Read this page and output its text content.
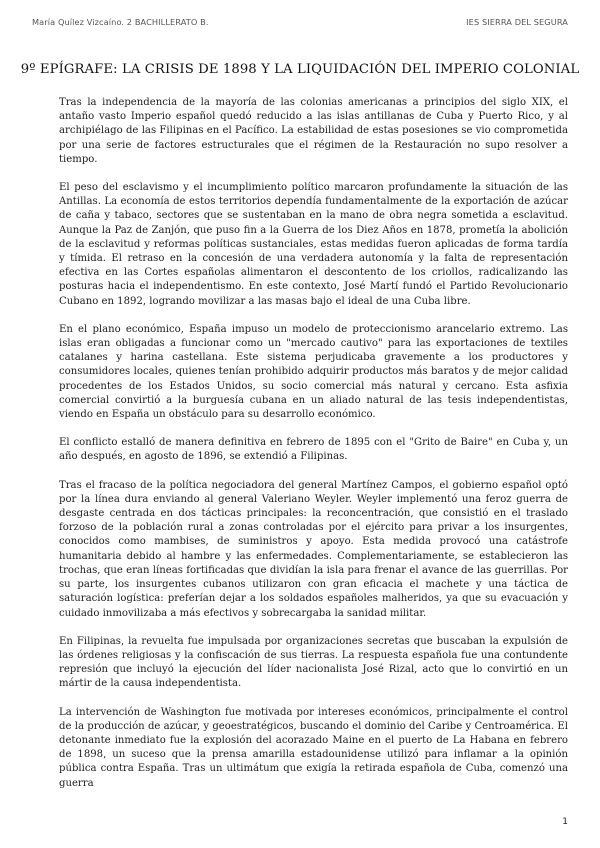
María Quílez Vizcaíno. 2 BACHILLERATO B.	IES SIERRA DEL SEGURA
9º EPÍGRAFE: LA CRISIS DE 1898 Y LA LIQUIDACIÓN DEL IMPERIO COLONIAL

Tras la independencia de la mayoría de las colonias americanas a principios del siglo XIX, el antaño vasto Imperio español quedó reducido a las islas antillanas de Cuba y Puerto Rico, y al archipiélago de las Filipinas en el Pacífico. La estabilidad de estas posesiones se vio comprometida por una serie de factores estructurales que el régimen de la Restauración no supo resolver a tiempo.

El peso del esclavismo y el incumplimiento político marcaron profundamente la situación de las Antillas. La economía de estos territorios dependía fundamentalmente de la exportación de azúcar de caña y tabaco, sectores que se sustentaban en la mano de obra negra sometida a esclavitud. Aunque la Paz de Zanjón, que puso fin a la Guerra de los Diez Años en 1878, prometía la abolición de la esclavitud y reformas políticas sustanciales, estas medidas fueron aplicadas de forma tardía y tímida. El retraso en la concesión de una verdadera autonomía y la falta de representación efectiva en las Cortes españolas alimentaron el descontento de los criollos, radicalizando las posturas hacia el independentismo. En este contexto, José Martí fundó el Partido Revolucionario Cubano en 1892, logrando movilizar a las masas bajo el ideal de una Cuba libre.

En el plano económico, España impuso un modelo de proteccionismo arancelario extremo. Las islas eran obligadas a funcionar como un "mercado cautivo" para las exportaciones de textiles catalanes y harina castellana. Este sistema perjudicaba gravemente a los productores y consumidores locales, quienes tenían prohibido adquirir productos más baratos y de mejor calidad procedentes de los Estados Unidos, su socio comercial más natural y cercano. Esta asfixia comercial convirtió a la burguesía cubana en un aliado natural de las tesis independentistas, viendo en España un obstáculo para su desarrollo económico.

El conflicto estalló de manera definitiva en febrero de 1895 con el "Grito de Baire" en Cuba y, un año después, en agosto de 1896, se extendió a Filipinas.

Tras el fracaso de la política negociadora del general Martínez Campos, el gobierno español optó por la línea dura enviando al general Valeriano Weyler. Weyler implementó una feroz guerra de desgaste centrada en dos tácticas principales: la reconcentración, que consistió en el traslado forzoso de la población rural a zonas controladas por el ejército para privar a los insurgentes, conocidos como mambises, de suministros y apoyo. Esta medida provocó una catástrofe humanitaria debido al hambre y las enfermedades. Complementariamente, se establecieron las trochas, que eran líneas fortificadas que dividían la isla para frenar el avance de las guerrillas. Por su parte, los insurgentes cubanos utilizaron con gran eficacia el machete y una táctica de saturación logística: preferían dejar a los soldados españoles malheridos, ya que su evacuación y cuidado inmovilizaba a más efectivos y sobrecargaba la sanidad militar.

En Filipinas, la revuelta fue impulsada por organizaciones secretas que buscaban la expulsión de las órdenes religiosas y la confiscación de sus tierras. La respuesta española fue una contundente represión que incluyó la ejecución del líder nacionalista José Rizal, acto que lo convirtió en un mártir de la causa independentista.

La intervención de Washington fue motivada por intereses económicos, principalmente el control de la producción de azúcar, y geoestratégicos, buscando el dominio del Caribe y Centroamérica. El detonante inmediato fue la explosión del acorazado Maine en el puerto de La Habana en febrero de 1898, un suceso que la prensa amarilla estadounidense utilizó para inflamar a la opinión pública contra España. Tras un ultimátum que exigía la retirada española de Cuba, comenzó una guerra

1
